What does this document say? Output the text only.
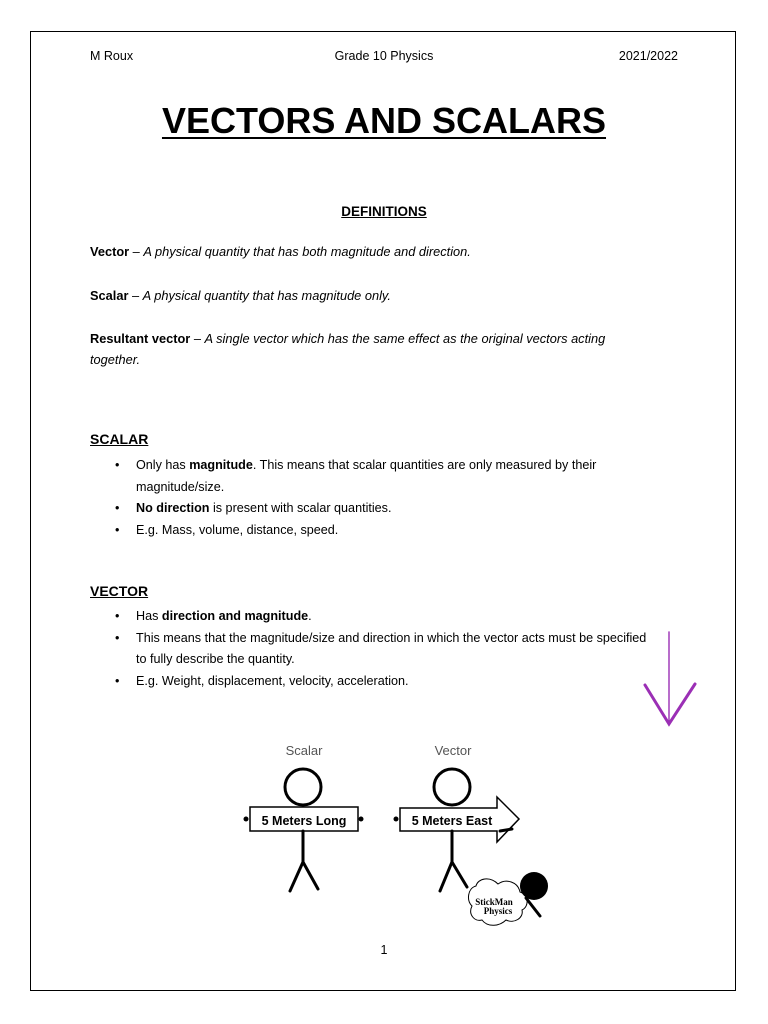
M Roux	Grade 10 Physics	2021/2022
VECTORS AND SCALARS
DEFINITIONS
Vector – A physical quantity that has both magnitude and direction.
Scalar – A physical quantity that has magnitude only.
Resultant vector – A single vector which has the same effect as the original vectors acting together.
SCALAR
• Only has magnitude. This means that scalar quantities are only measured by their magnitude/size.
• No direction is present with scalar quantities.
• E.g. Mass, volume, distance, speed.
VECTOR
• Has direction and magnitude.
• This means that the magnitude/size and direction in which the vector acts must be specified to fully describe the quantity.
• E.g. Weight, displacement, velocity, acceleration.
Scalar
5 Meters Long
Vector
5 Meters East
StickMan
Physics
1
